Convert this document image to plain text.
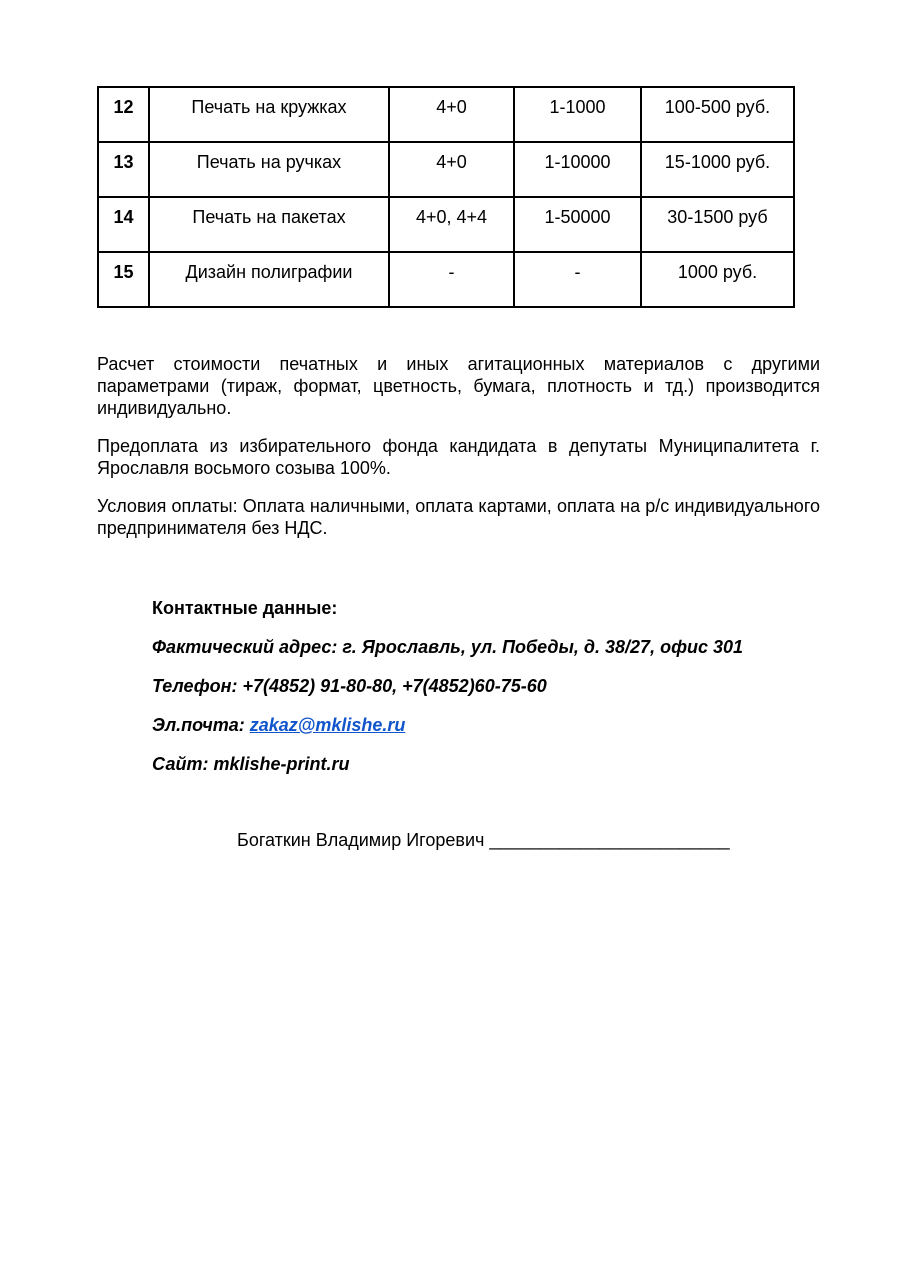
12	Печать на кружках	4+0	1-1000	100-500 руб.
13	Печать на ручках	4+0	1-10000	15-1000 руб.
14	Печать на пакетах	4+0, 4+4	1-50000	30-1500 руб
15	Дизайн полиграфии	-	-	1000 руб.

Расчет стоимости печатных и иных агитационных материалов с другими параметрами (тираж, формат, цветность, бумага, плотность и тд.) производится индивидуально.

Предоплата из избирательного фонда кандидата в депутаты Муниципалитета г. Ярославля восьмого созыва 100%.

Условия оплаты: Оплата наличными, оплата картами, оплата на р/с индивидуального предпринимателя без НДС.

Контактные данные:

Фактический адрес: г. Ярославль, ул. Победы, д. 38/27, офис 301

Телефон: +7(4852) 91-80-80, +7(4852)60-75-60

Эл.почта: zakaz@mklishe.ru

Сайт: mklishe-print.ru

Богаткин Владимир Игоревич ________________________
